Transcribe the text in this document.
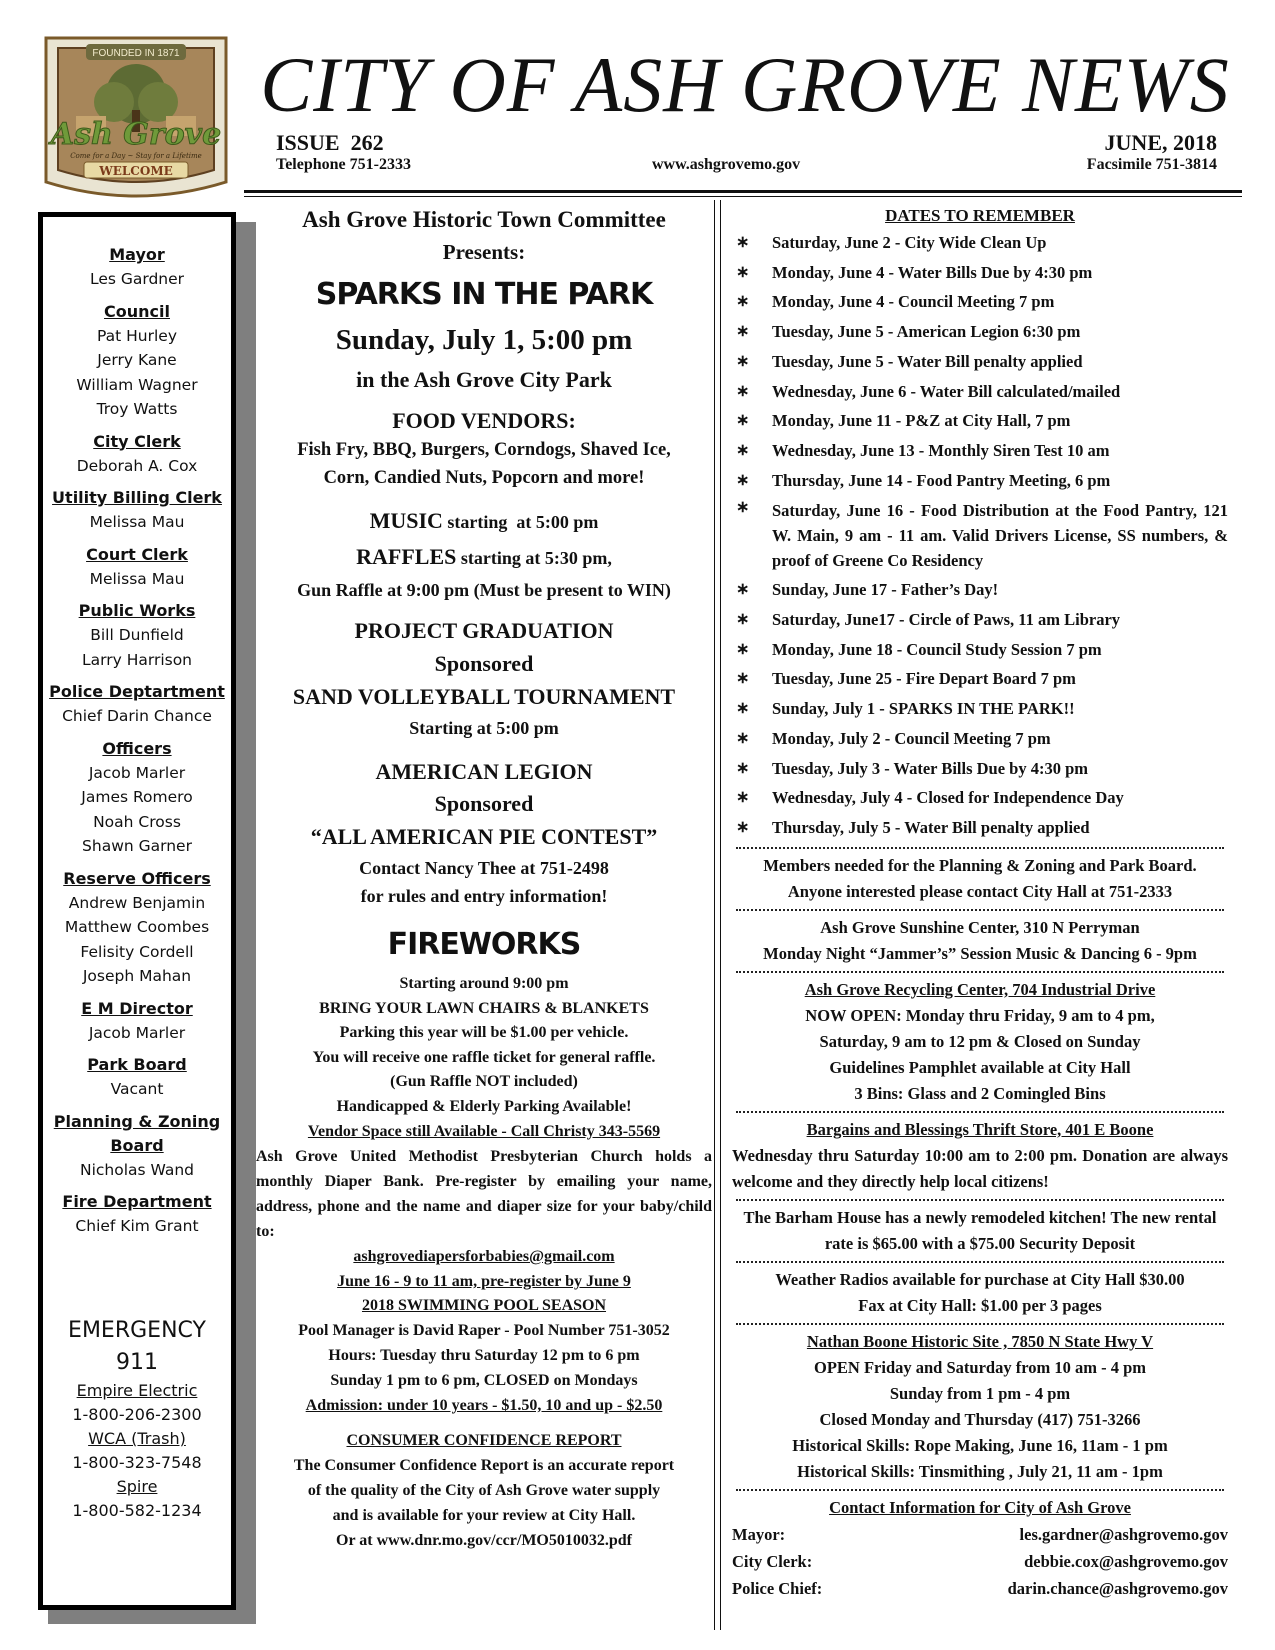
FOUNDED IN 1871
Ash Grove
Come for a Day ~ Stay for a Lifetime
WELCOME
CITY OF ASH GROVE NEWS
ISSUE  262	JUNE, 2018
Telephone 751-2333	www.ashgrovemo.gov	Facsimile 751-3814
Mayor
Les Gardner
Council
Pat Hurley
Jerry Kane
William Wagner
Troy Watts
City Clerk
Deborah A. Cox
Utility Billing Clerk
Melissa Mau
Court Clerk
Melissa Mau
Public Works
Bill Dunfield
Larry Harrison
Police Deptartment
Chief Darin Chance
Officers
Jacob Marler
James Romero
Noah Cross
Shawn Garner
Reserve Officers
Andrew Benjamin
Matthew Coombes
Felisity Cordell
Joseph Mahan
E M Director
Jacob Marler
Park Board
Vacant
Planning & Zoning Board
Nicholas Wand
Fire Department
Chief Kim Grant
EMERGENCY
911
Empire Electric
1-800-206-2300
WCA (Trash)
1-800-323-7548
Spire
1-800-582-1234
Ash Grove Historic Town Committee
Presents:
SPARKS IN THE PARK
Sunday, July 1, 5:00 pm
in the Ash Grove City Park
FOOD VENDORS:
Fish Fry, BBQ, Burgers, Corndogs, Shaved Ice,
Corn, Candied Nuts, Popcorn and more!
MUSIC starting  at 5:00 pm
RAFFLES starting at 5:30 pm,
Gun Raffle at 9:00 pm (Must be present to WIN)
PROJECT GRADUATION
Sponsored
SAND VOLLEYBALL TOURNAMENT
Starting at 5:00 pm
AMERICAN LEGION
Sponsored
“ALL AMERICAN PIE CONTEST”
Contact Nancy Thee at 751-2498
for rules and entry information!
FIREWORKS
Starting around 9:00 pm
BRING YOUR LAWN CHAIRS & BLANKETS
Parking this year will be $1.00 per vehicle.
You will receive one raffle ticket for general raffle.
(Gun Raffle NOT included)
Handicapped & Elderly Parking Available!
Vendor Space still Available - Call Christy 343-5569
Ash Grove United Methodist Presbyterian Church holds a monthly Diaper Bank. Pre-register by emailing your name, address, phone and the name and diaper size for your baby/child to:
ashgrovediapersforbabies@gmail.com
June 16 - 9 to 11 am, pre-register by June 9
2018 SWIMMING POOL SEASON
Pool Manager is David Raper - Pool Number 751-3052
Hours: Tuesday thru Saturday 12 pm to 6 pm
Sunday 1 pm to 6 pm, CLOSED on Mondays
Admission: under 10 years - $1.50, 10 and up - $2.50
CONSUMER CONFIDENCE REPORT
The Consumer Confidence Report is an accurate report
of the quality of the City of Ash Grove water supply
and is available for your review at City Hall.
Or at www.dnr.mo.gov/ccr/MO5010032.pdf
DATES TO REMEMBER
∗ Saturday, June 2 - City Wide Clean Up
∗ Monday, June 4 - Water Bills Due by 4:30 pm
∗ Monday, June 4 - Council Meeting 7 pm
∗ Tuesday, June 5 - American Legion 6:30 pm
∗ Tuesday, June 5 - Water Bill penalty applied
∗ Wednesday, June 6 - Water Bill calculated/mailed
∗ Monday, June 11 - P&Z at City Hall, 7 pm
∗ Wednesday, June 13 - Monthly Siren Test 10 am
∗ Thursday, June 14 - Food Pantry Meeting, 6 pm
∗ Saturday, June 16 - Food Distribution at the Food Pantry, 121 W. Main, 9 am - 11 am. Valid Drivers License, SS numbers, & proof of Greene Co Residency
∗ Sunday, June 17 - Father’s Day!
∗ Saturday, June17 - Circle of Paws, 11 am Library
∗ Monday, June 18 - Council Study Session 7 pm
∗ Tuesday, June 25 - Fire Depart Board 7 pm
∗ Sunday, July 1 - SPARKS IN THE PARK!!
∗ Monday, July 2 - Council Meeting 7 pm
∗ Tuesday, July 3 - Water Bills Due by 4:30 pm
∗ Wednesday, July 4 - Closed for Independence Day
∗ Thursday, July 5 - Water Bill penalty applied
Members needed for the Planning & Zoning and Park Board.
Anyone interested please contact City Hall at 751-2333
Ash Grove Sunshine Center, 310 N Perryman
Monday Night “Jammer’s” Session Music & Dancing 6 - 9pm
Ash Grove Recycling Center, 704 Industrial Drive
NOW OPEN: Monday thru Friday, 9 am to 4 pm,
Saturday, 9 am to 12 pm & Closed on Sunday
Guidelines Pamphlet available at City Hall
3 Bins: Glass and 2 Comingled Bins
Bargains and Blessings Thrift Store, 401 E Boone
Wednesday thru Saturday 10:00 am to 2:00 pm. Donation are always welcome and they directly help local citizens!
The Barham House has a newly remodeled kitchen! The new rental rate is $65.00 with a $75.00 Security Deposit
Weather Radios available for purchase at City Hall $30.00
Fax at City Hall: $1.00 per 3 pages
Nathan Boone Historic Site , 7850 N State Hwy V
OPEN Friday and Saturday from 10 am - 4 pm
Sunday from 1 pm - 4 pm
Closed Monday and Thursday (417) 751-3266
Historical Skills: Rope Making, June 16, 11am - 1 pm
Historical Skills: Tinsmithing , July 21, 11 am - 1pm
Contact Information for City of Ash Grove
Mayor:	les.gardner@ashgrovemo.gov
City Clerk:	debbie.cox@ashgrovemo.gov
Police Chief:	darin.chance@ashgrovemo.gov
